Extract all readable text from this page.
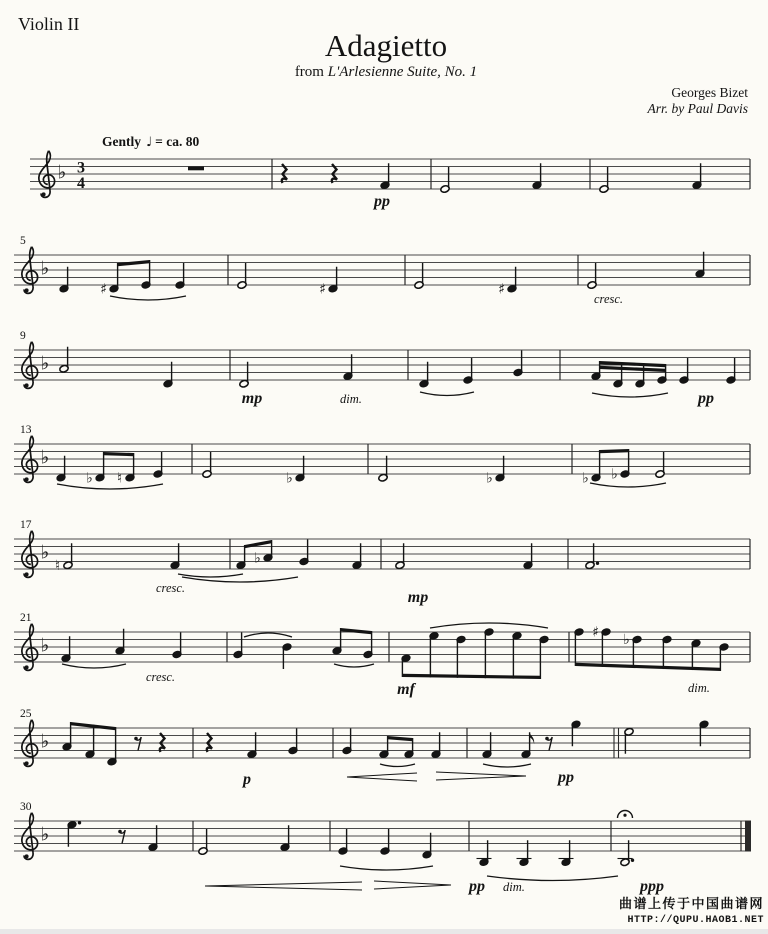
Violin II
Adagietto
from L'Arlesienne Suite, No. 1
Georges Bizet
Arr. by Paul Davis
Gently ♩ = ca. 80
♭ 3
4
pp
5
♭
♯	♯	♯
cresc.
9
♭
mp	dim.	pp
13
♭
♭ ♮	♭	♭	♭ ♭
17
♭
♮
cresc.
♭
mp
21
♭
cresc.
mf
♯ ♭
dim.
25
♭
p	pp
30
♭
pp dim.	ppp
曲谱上传于中国曲谱网
HTTP://QUPU.HAOB1.NET
